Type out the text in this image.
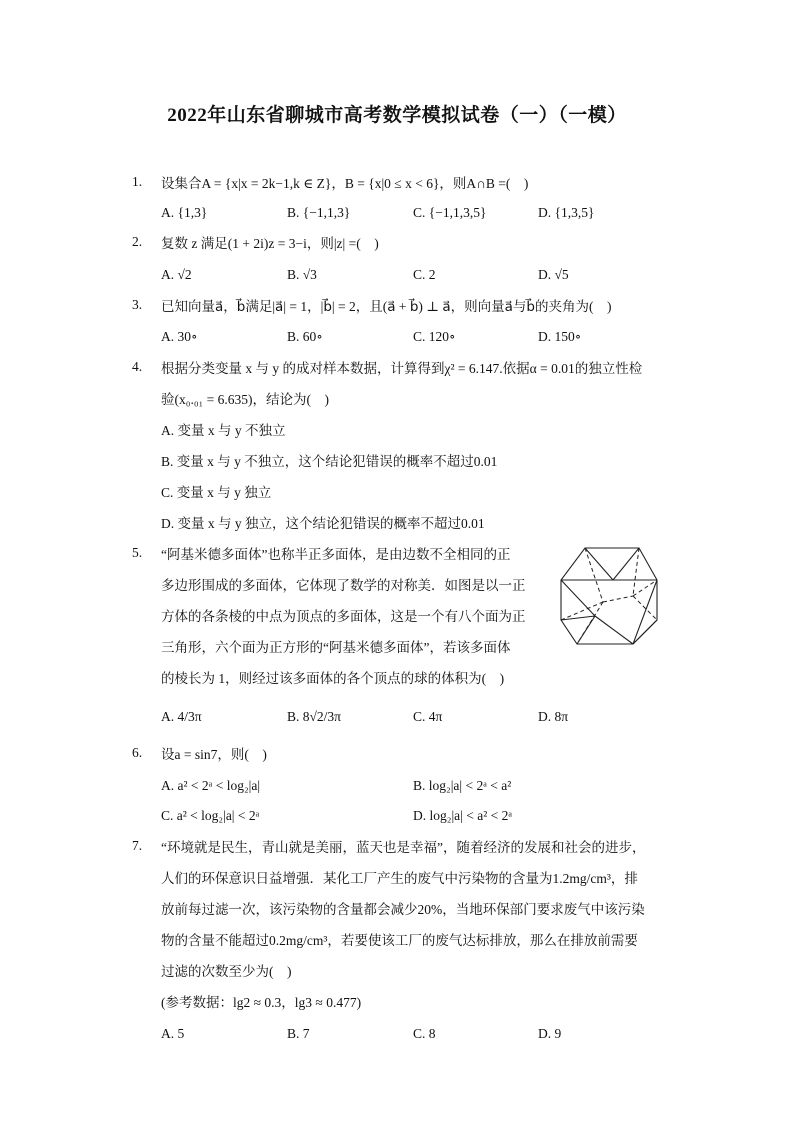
2022年山东省聊城市高考数学模拟试卷（一）（一模）
1. 设集合A = {x|x = 2k−1,k ∈ Z}，B = {x|0 ≤ x < 6}，则A∩B =(　)
A. {1,3}	B. {−1,1,3}	C. {−1,1,3,5}	D. {1,3,5}
2. 复数 z 满足(1 + 2i)z = 3−i，则|z| =(　)
A. √2	B. √3	C. 2	D. √5
3. 已知向量a⃗，b⃗满足|a⃗| = 1，|b⃗| = 2，且(a⃗ + b⃗) ⊥ a⃗，则向量a⃗与b⃗的夹角为(　)
A. 30∘	B. 60∘	C. 120∘	D. 150∘
4. 根据分类变量 x 与 y 的成对样本数据，计算得到χ² = 6.147.依据α = 0.01的独立性检
验(x₀.₀₁ = 6.635)，结论为(　)
A. 变量 x 与 y 不独立
B. 变量 x 与 y 不独立，这个结论犯错误的概率不超过0.01
C. 变量 x 与 y 独立
D. 变量 x 与 y 独立，这个结论犯错误的概率不超过0.01
5. “阿基米德多面体”也称半正多面体，是由边数不全相同的正
多边形围成的多面体，它体现了数学的对称美．如图是以一正
方体的各条棱的中点为顶点的多面体，这是一个有八个面为正
三角形，六个面为正方形的“阿基米德多面体”，若该多面体
的棱长为 1，则经过该多面体的各个顶点的球的体积为(　)
A. 4/3π	B. 8√2/3π	C. 4π	D. 8π
6. 设a = sin7，则(　)
A. a² < 2ᵃ < log₂|a|	B. log₂|a| < 2ᵃ < a²
C. a² < log₂|a| < 2ᵃ	D. log₂|a| < a² < 2ᵃ
7. “环境就是民生，青山就是美丽，蓝天也是幸福”，随着经济的发展和社会的进步，
人们的环保意识日益增强．某化工厂产生的废气中污染物的含量为1.2mg/cm³，排
放前每过滤一次，该污染物的含量都会减少20%，当地环保部门要求废气中该污染
物的含量不能超过0.2mg/cm³，若要使该工厂的废气达标排放，那么在排放前需要
过滤的次数至少为(　)
(参考数据：lg2 ≈ 0.3，lg3 ≈ 0.477)
A. 5	B. 7	C. 8	D. 9
